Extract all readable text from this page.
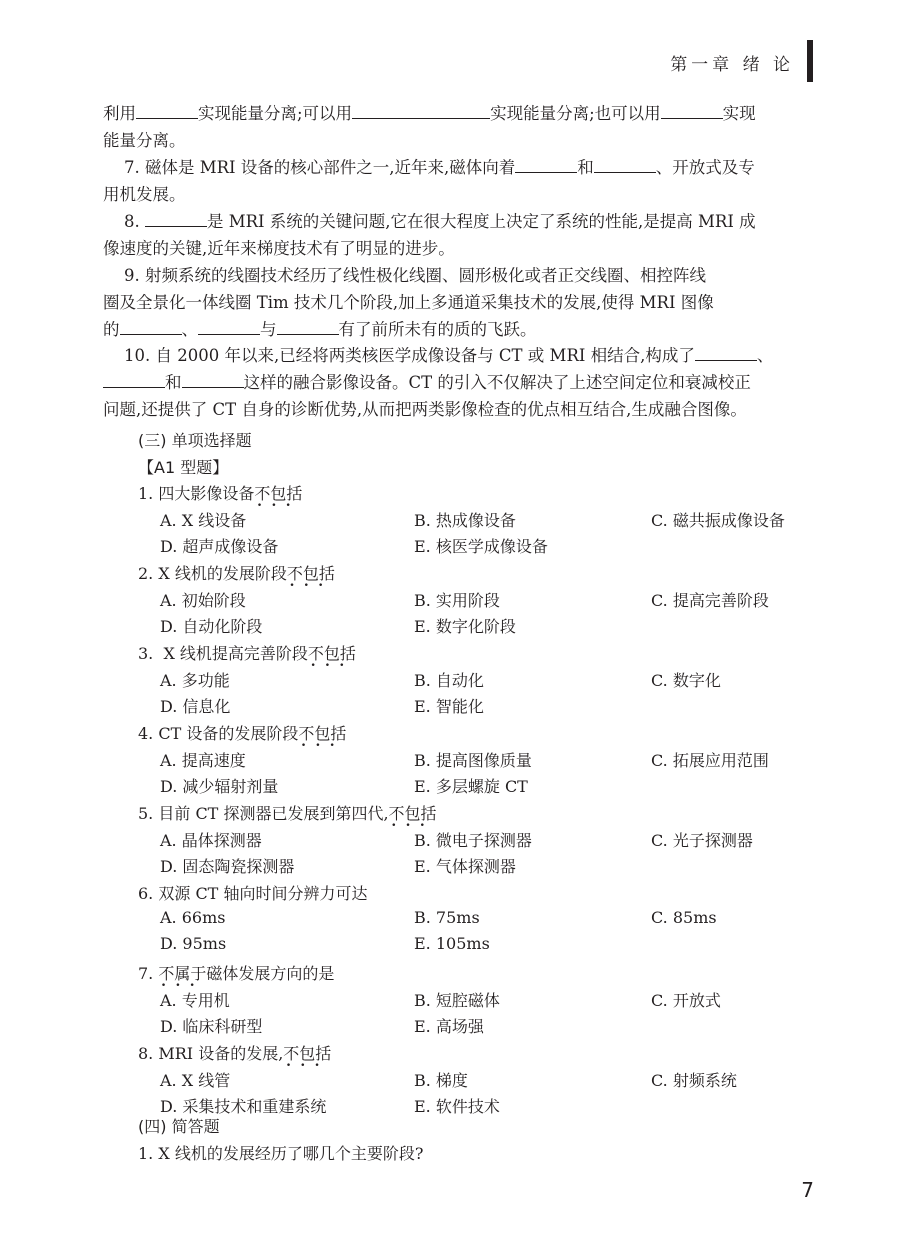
第一章 绪 论
利用	实现能量分离;可以用	实现能量分离;也可以用	实现
能量分离。
7. 磁体是 MRI 设备的核心部件之一,近年来,磁体向着	和	、开放式及专
用机发展。
8.	是 MRI 系统的关键问题,它在很大程度上决定了系统的性能,是提高 MRI 成
像速度的关键,近年来梯度技术有了明显的进步。
9. 射频系统的线圈技术经历了线性极化线圈、圆形极化或者正交线圈、相控阵线
圈及全景化一体线圈 Tim 技术几个阶段,加上多通道采集技术的发展,使得 MRI 图像
的	、	与	有了前所未有的质的飞跃。
10. 自 2000 年以来,已经将两类核医学成像设备与 CT 或 MRI 相结合,构成了	、
和	这样的融合影像设备。CT 的引入不仅解决了上述空间定位和衰减校正
问题,还提供了 CT 自身的诊断优势,从而把两类影像检查的优点相互结合,生成融合图像。
(三) 单项选择题
【A1 型题】
1. 四大影像设备不包括
•••
A. X 线设备	B. 热成像设备	C. 磁共振成像设备
D. 超声成像设备	E. 核医学成像设备
2. X 线机的发展阶段不包括
•••
A. 初始阶段	B. 实用阶段	C. 提高完善阶段
D. 自动化阶段	E. 数字化阶段
3.  X 线机提高完善阶段不包括
•••
A. 多功能	B. 自动化	C. 数字化
D. 信息化	E. 智能化
4. CT 设备的发展阶段不包括
•••
A. 提高速度	B. 提高图像质量	C. 拓展应用范围
D. 减少辐射剂量	E. 多层螺旋 CT
5. 目前 CT 探测器已发展到第四代,不包括
•••
A. 晶体探测器	B. 微电子探测器	C. 光子探测器
D. 固态陶瓷探测器	E. 气体探测器
6. 双源 CT 轴向时间分辨力可达
A. 66ms	B. 75ms	C. 85ms
D. 95ms	E. 105ms
7. 不属于
•••
磁体发展方向的是
A. 专用机	B. 短腔磁体	C. 开放式
D. 临床科研型	E. 高场强
8. MRI 设备的发展,不包括
•••
A. X 线管	B. 梯度	C. 射频系统
D. 采集技术和重建系统	E. 软件技术
(四) 简答题
1. X 线机的发展经历了哪几个主要阶段?
7
